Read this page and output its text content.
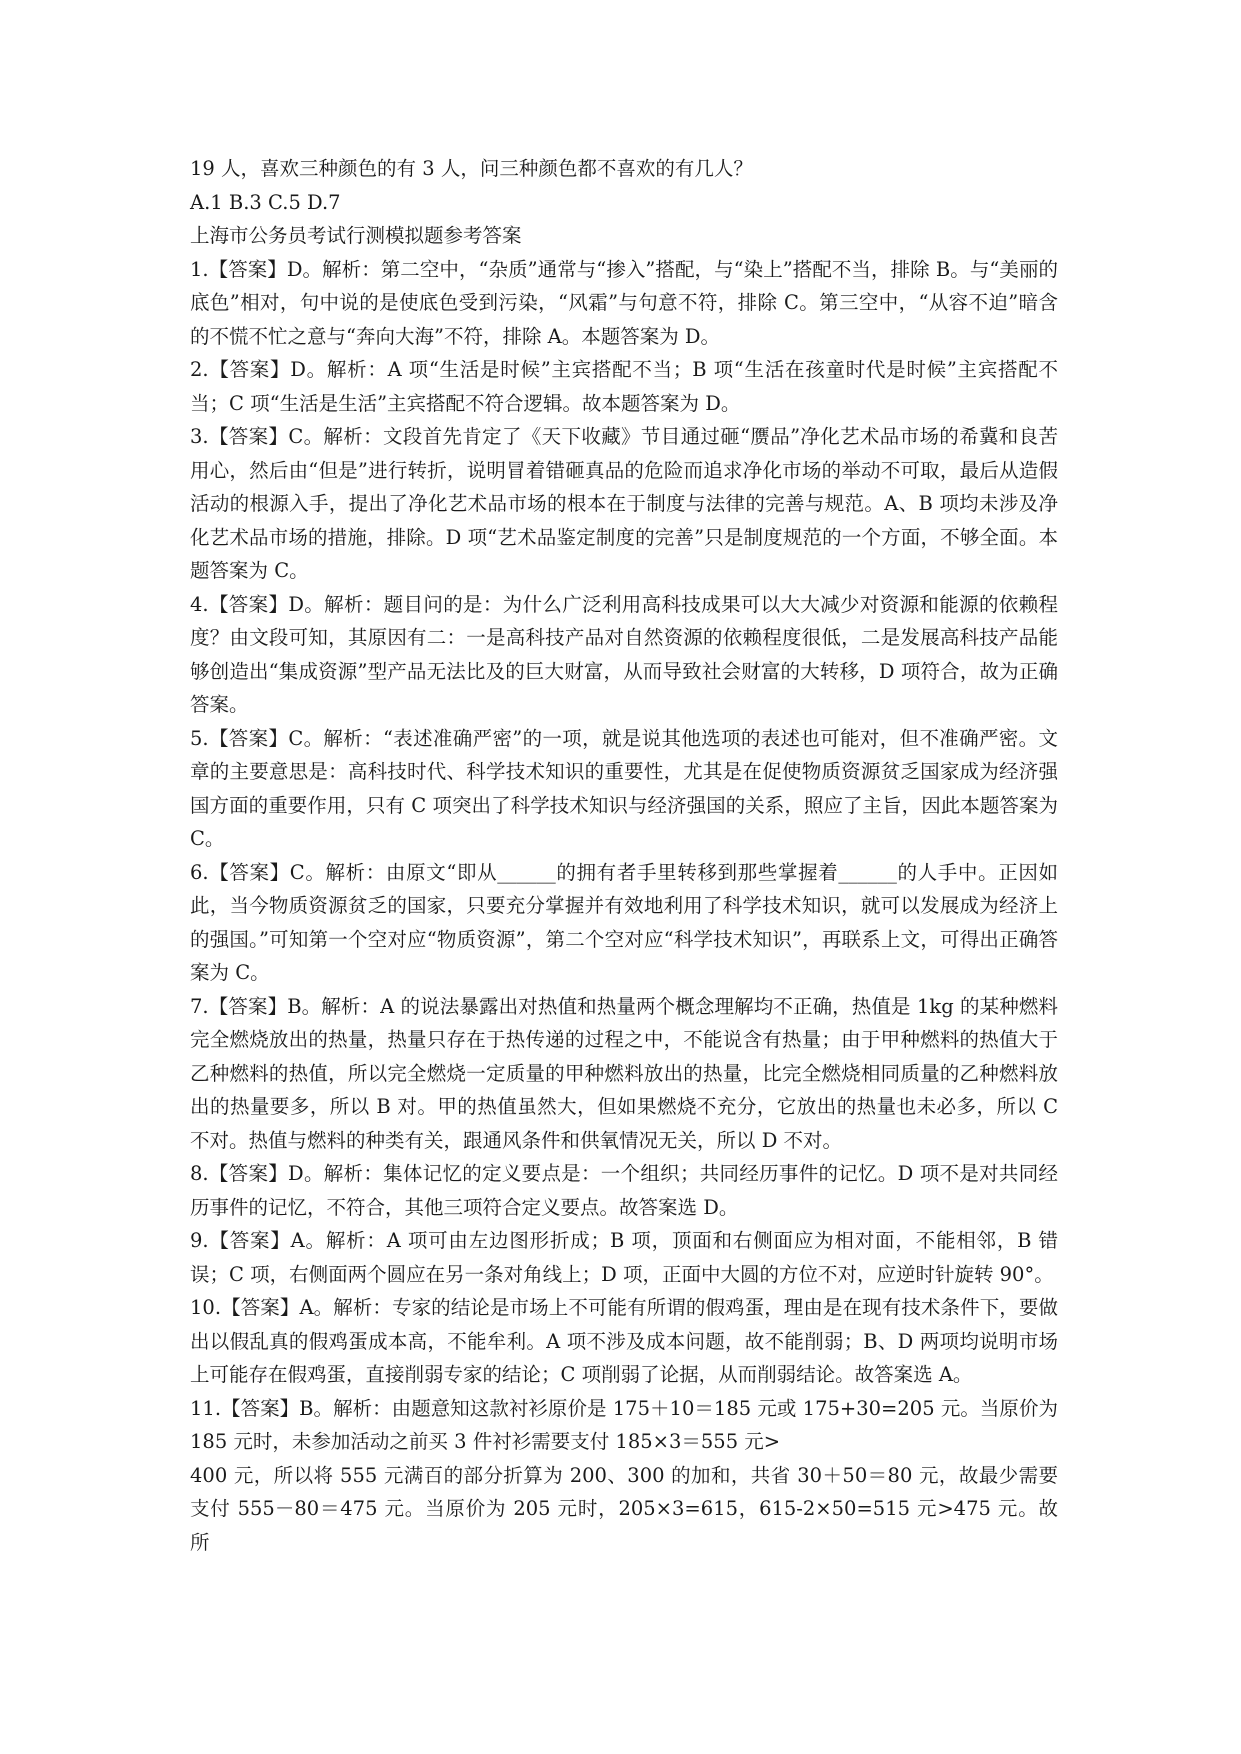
19 人，喜欢三种颜色的有 3 人，问三种颜色都不喜欢的有几人？

A.1 B.3 C.5 D.7

上海市公务员考试行测模拟题参考答案

1.【答案】D。解析：第二空中，“杂质”通常与“掺入”搭配，与“染上”搭配不当，排除 B。与“美丽的底色”相对，句中说的是使底色受到污染，“风霜”与句意不符，排除 C。第三空中，“从容不迫”暗含的不慌不忙之意与“奔向大海”不符，排除 A。本题答案为 D。

2.【答案】D。解析：A 项“生活是时候”主宾搭配不当；B 项“生活在孩童时代是时候”主宾搭配不当；C 项“生活是生活”主宾搭配不符合逻辑。故本题答案为 D。

3.【答案】C。解析：文段首先肯定了《天下收藏》节目通过砸“赝品”净化艺术品市场的希冀和良苦用心，然后由“但是”进行转折，说明冒着错砸真品的危险而追求净化市场的举动不可取，最后从造假活动的根源入手，提出了净化艺术品市场的根本在于制度与法律的完善与规范。A、B 项均未涉及净化艺术品市场的措施，排除。D 项“艺术品鉴定制度的完善”只是制度规范的一个方面，不够全面。本题答案为 C。

4.【答案】D。解析：题目问的是：为什么广泛利用高科技成果可以大大减少对资源和能源的依赖程度？由文段可知，其原因有二：一是高科技产品对自然资源的依赖程度很低，二是发展高科技产品能够创造出“集成资源”型产品无法比及的巨大财富，从而导致社会财富的大转移，D 项符合，故为正确答案。

5.【答案】C。解析：“表述准确严密”的一项，就是说其他选项的表述也可能对，但不准确严密。文章的主要意思是：高科技时代、科学技术知识的重要性，尤其是在促使物质资源贫乏国家成为经济强国方面的重要作用，只有 C 项突出了科学技术知识与经济强国的关系，照应了主旨，因此本题答案为 C。

6.【答案】C。解析：由原文“即从______的拥有者手里转移到那些掌握着______的人手中。正因如此，当今物质资源贫乏的国家，只要充分掌握并有效地利用了科学技术知识，就可以发展成为经济上的强国。”可知第一个空对应“物质资源”，第二个空对应“科学技术知识”，再联系上文，可得出正确答案为 C。

7.【答案】B。解析：A 的说法暴露出对热值和热量两个概念理解均不正确，热值是 1kg 的某种燃料完全燃烧放出的热量，热量只存在于热传递的过程之中，不能说含有热量；由于甲种燃料的热值大于乙种燃料的热值，所以完全燃烧一定质量的甲种燃料放出的热量，比完全燃烧相同质量的乙种燃料放出的热量要多，所以 B 对。甲的热值虽然大，但如果燃烧不充分，它放出的热量也未必多，所以 C 不对。热值与燃料的种类有关，跟通风条件和供氧情况无关，所以 D 不对。

8.【答案】D。解析：集体记忆的定义要点是：一个组织；共同经历事件的记忆。D 项不是对共同经历事件的记忆，不符合，其他三项符合定义要点。故答案选 D。

9.【答案】A。解析：A 项可由左边图形折成；B 项，顶面和右侧面应为相对面，不能相邻，B 错误；C 项，右侧面两个圆应在另一条对角线上；D 项，正面中大圆的方位不对，应逆时针旋转 90°。

10.【答案】A。解析：专家的结论是市场上不可能有所谓的假鸡蛋，理由是在现有技术条件下，要做出以假乱真的假鸡蛋成本高，不能牟利。A 项不涉及成本问题，故不能削弱；B、D 两项均说明市场上可能存在假鸡蛋，直接削弱专家的结论；C 项削弱了论据，从而削弱结论。故答案选 A。

11.【答案】B。解析：由题意知这款衬衫原价是 175＋10＝185 元或 175+30=205 元。当原价为 185 元时，未参加活动之前买 3 件衬衫需要支付 185×3＝555 元>

400 元，所以将 555 元满百的部分折算为 200、300 的加和，共省 30＋50＝80 元，故最少需要支付 555－80＝475 元。当原价为 205 元时，205×3=615，615-2×50=515 元>475 元。故所
